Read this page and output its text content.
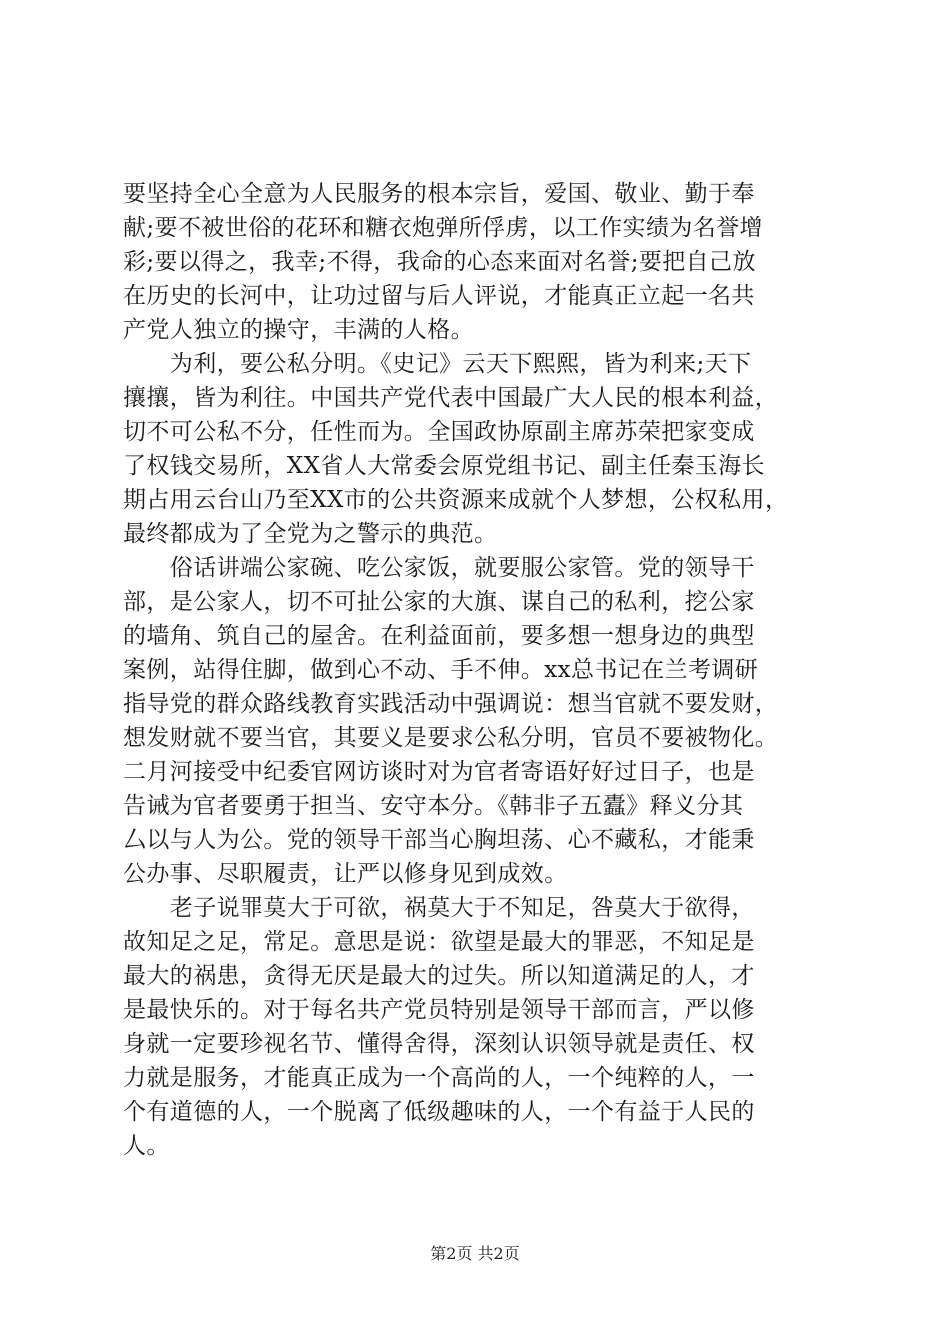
要坚持全心全意为人民服务的根本宗旨，爱国、敬业、勤于奉
献;要不被世俗的花环和糖衣炮弹所俘虏，以工作实绩为名誉增
彩;要以得之，我幸;不得，我命的心态来面对名誉;要把自己放
在历史的长河中，让功过留与后人评说，才能真正立起一名共
产党人独立的操守，丰满的人格。
　　为利，要公私分明。《史记》云天下熙熙，皆为利来;天下
攘攘，皆为利往。中国共产党代表中国最广大人民的根本利益，
切不可公私不分，任性而为。全国政协原副主席苏荣把家变成
了权钱交易所，XX省人大常委会原党组书记、副主任秦玉海长
期占用云台山乃至XX市的公共资源来成就个人梦想，公权私用，
最终都成为了全党为之警示的典范。
　　俗话讲端公家碗、吃公家饭，就要服公家管。党的领导干
部，是公家人，切不可扯公家的大旗、谋自己的私利，挖公家
的墙角、筑自己的屋舍。在利益面前，要多想一想身边的典型
案例，站得住脚，做到心不动、手不伸。xx总书记在兰考调研
指导党的群众路线教育实践活动中强调说：想当官就不要发财，
想发财就不要当官，其要义是要求公私分明，官员不要被物化。
二月河接受中纪委官网访谈时对为官者寄语好好过日子，也是
告诫为官者要勇于担当、安守本分。《韩非子五蠹》释义分其
厶以与人为公。党的领导干部当心胸坦荡、心不藏私，才能秉
公办事、尽职履责，让严以修身见到成效。
　　老子说罪莫大于可欲，祸莫大于不知足，咎莫大于欲得，
故知足之足，常足。意思是说：欲望是最大的罪恶，不知足是
最大的祸患，贪得无厌是最大的过失。所以知道满足的人，才
是最快乐的。对于每名共产党员特别是领导干部而言，严以修
身就一定要珍视名节、懂得舍得，深刻认识领导就是责任、权
力就是服务，才能真正成为一个高尚的人，一个纯粹的人，一
个有道德的人，一个脱离了低级趣味的人，一个有益于人民的
人。
第2页 共2页
